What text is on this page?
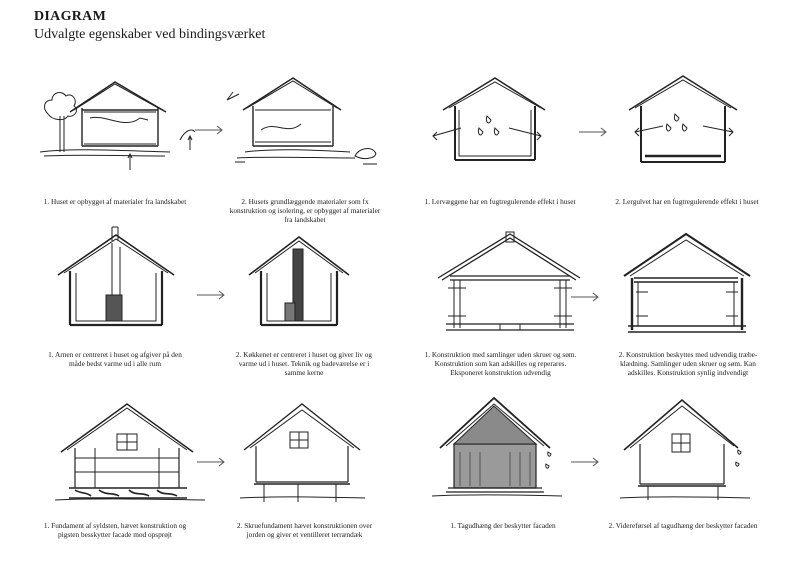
DIAGRAM
Udvalgte egenskaber ved bindingsværket
1. Huset er opbygget af materialer fra landskabet	2. Husets grundlæggende materialer som fx konstruktion og isolering, er opbygget af materialer fra landskabet
1. Lervæggene har en fugtregulerende effekt i huset	2. Lergulvet har en fugtregulerende effekt i huset
1. Arnen er centreret i huset og afgiver på den måde bedst varme ud i alle rum
2. Køkkenet er centreret i huset og giver liv og varme ud i huset. Teknik og badeværelse er i samme kerne
1. Konstruktion med samlinger uden skruer og søm. Konstruktion som kan adskilles og reperares. Eksponeret konstruktion udvendig
2. Konstruktion beskyttes med udvendig træbe-klædning. Samlinger uden skruer og søm. Kan adskilles. Konstruktion synlig indvendigt
1. Fundament af syldsten, hævet konstruktion og pigsten besskytter facade mod opsprøjt
2. Skruefundament hævet konstruktionen over jorden og giver et ventilleret terrændæk
1. Tagudhæng der beskytter facaden	2. Videreførsel af tagudhæng der beskytter facaden
